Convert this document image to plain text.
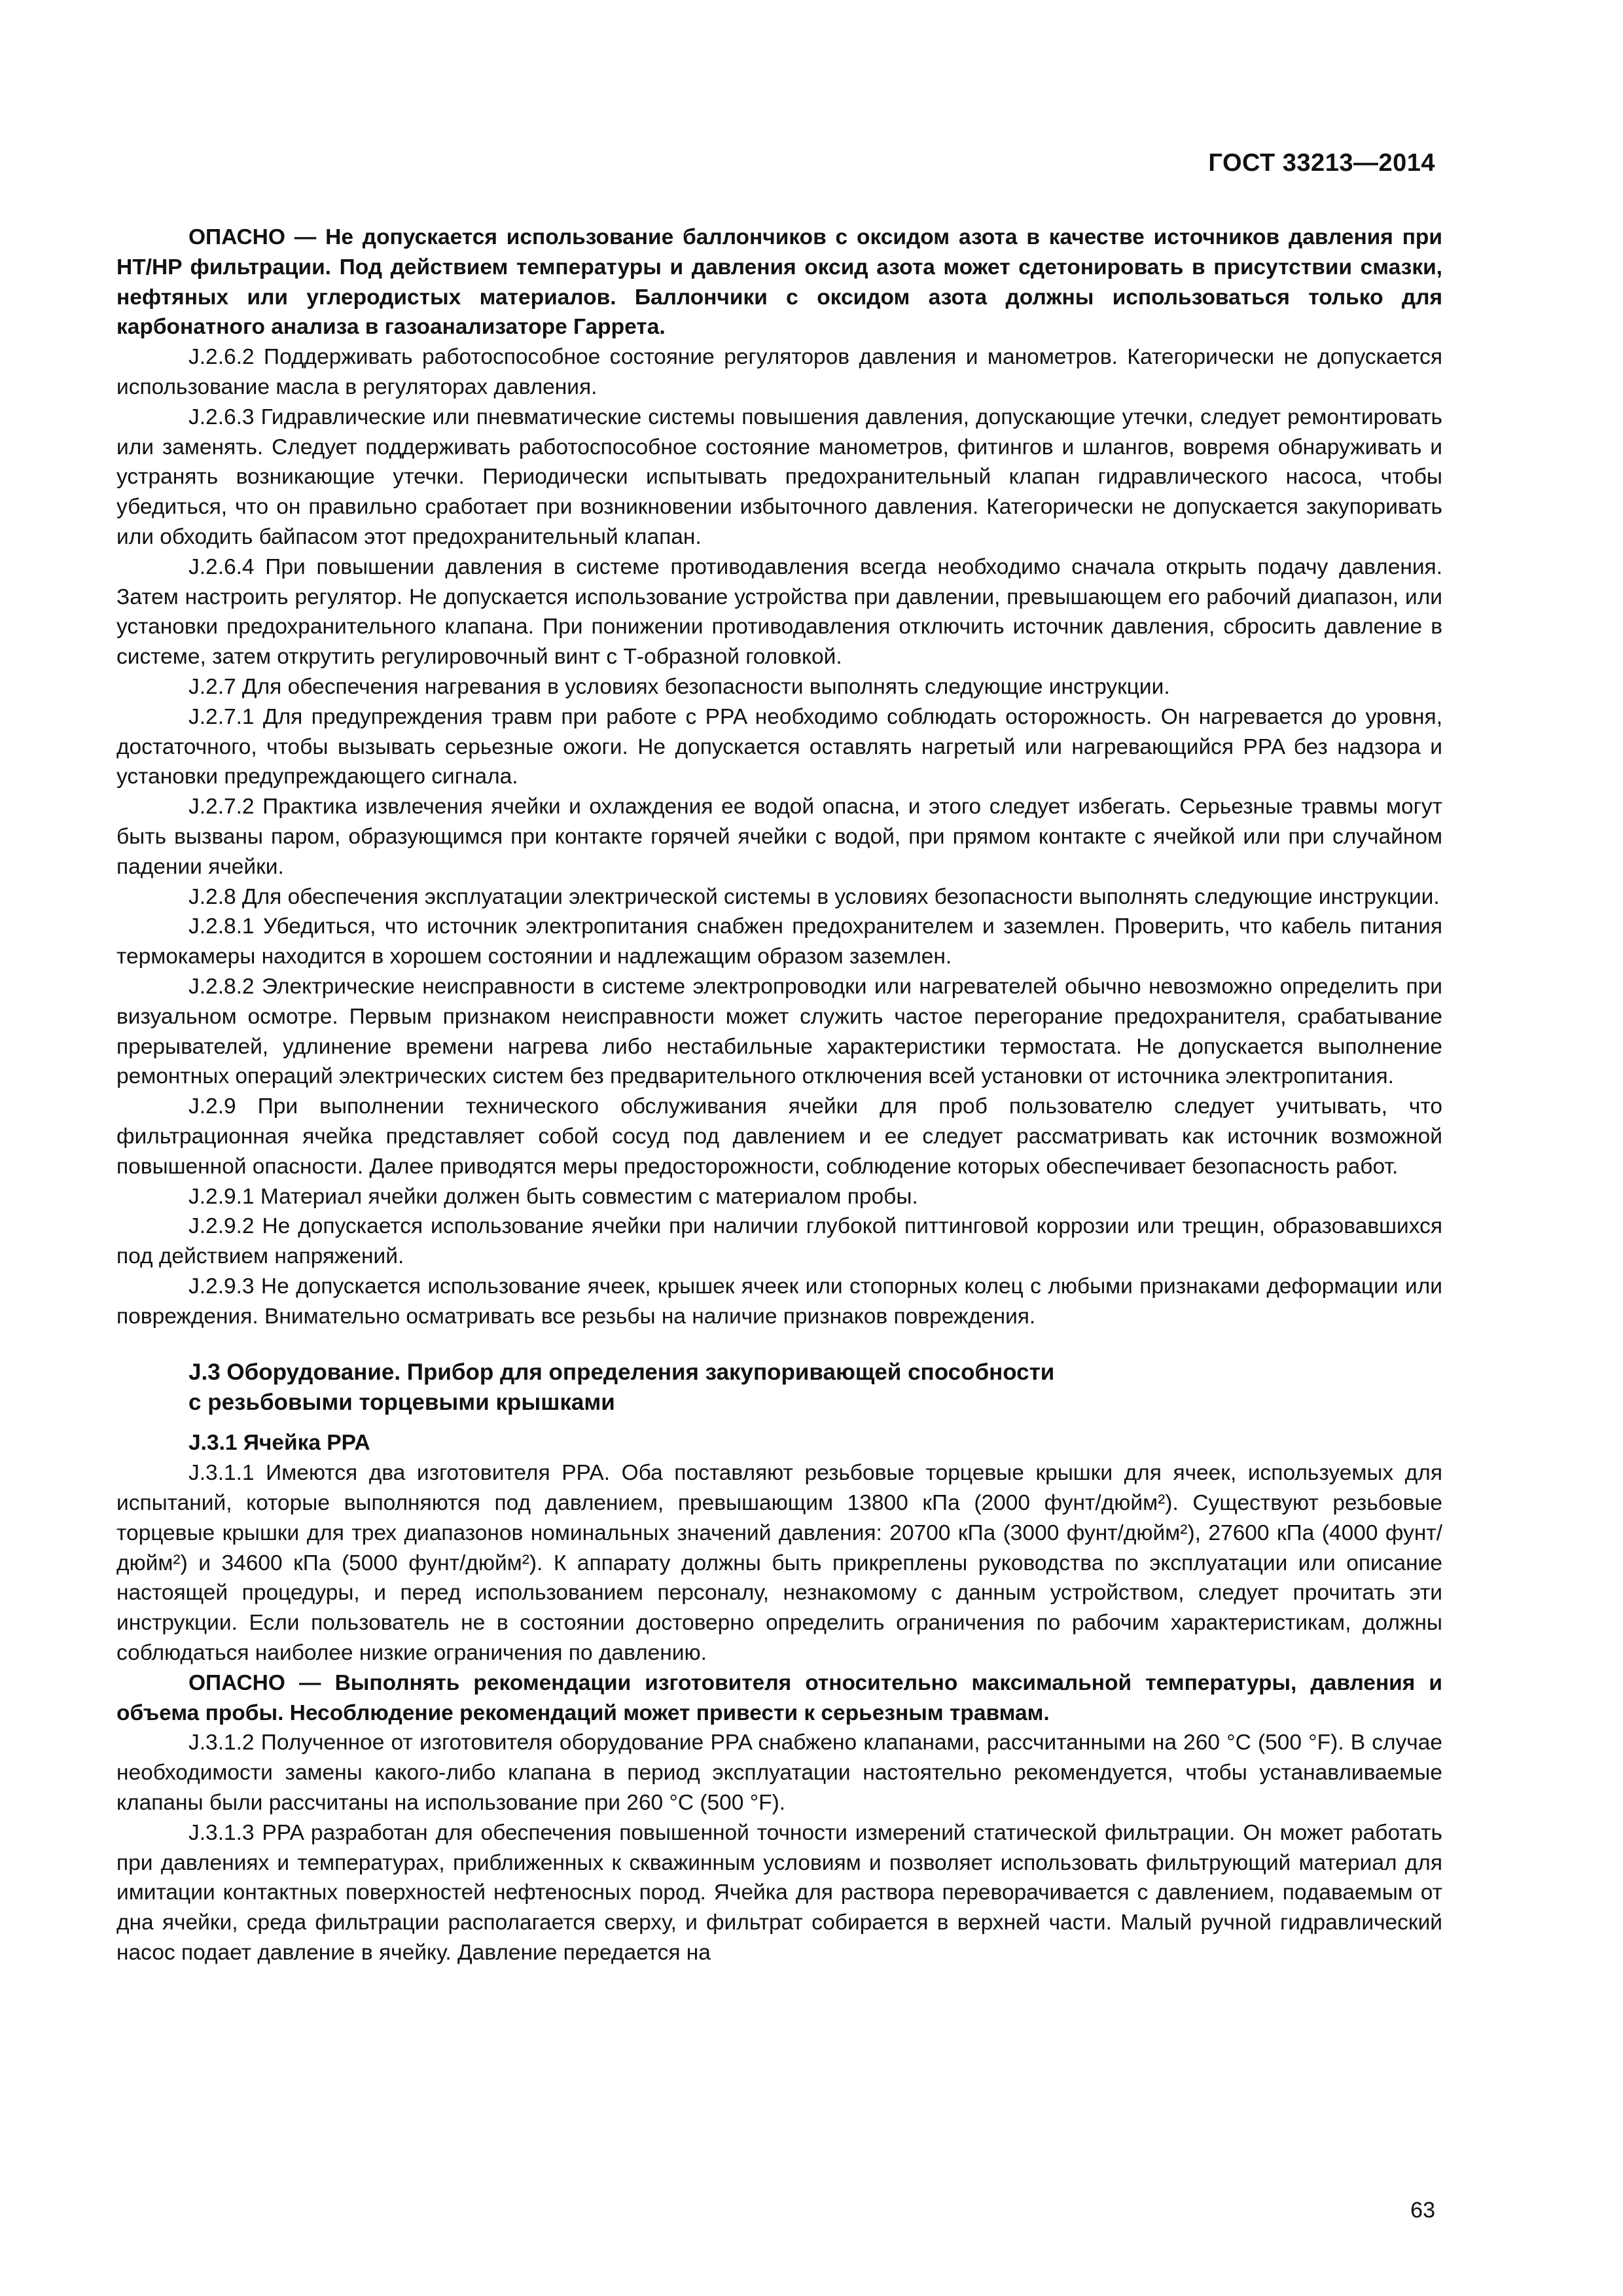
ГОСТ 33213—2014

ОПАСНО — Не допускается использование баллончиков с оксидом азота в качестве источников давления при HT/HP фильтрации. Под действием температуры и давления оксид азота может сдетонировать в присутствии смазки, нефтяных или углеродистых материалов. Баллончики с оксидом азота должны использоваться только для карбонатного анализа в газоанализаторе Гаррета.

J.2.6.2 Поддерживать работоспособное состояние регуляторов давления и манометров. Категорически не допускается использование масла в регуляторах давления.

J.2.6.3 Гидравлические или пневматические системы повышения давления, допускающие утечки, следует ремонтировать или заменять. Следует поддерживать работоспособное состояние манометров, фитингов и шлангов, вовремя обнаруживать и устранять возникающие утечки. Периодически испытывать предохранительный клапан гидравлического насоса, чтобы убедиться, что он правильно сработает при возникновении избыточного давления. Категорически не допускается закупоривать или обходить байпасом этот предохранительный клапан.

J.2.6.4 При повышении давления в системе противодавления всегда необходимо сначала открыть подачу давления. Затем настроить регулятор. Не допускается использование устройства при давлении, превышающем его рабочий диапазон, или установки предохранительного клапана. При понижении противодавления отключить источник давления, сбросить давление в системе, затем открутить регулировочный винт с Т-образной головкой.

J.2.7 Для обеспечения нагревания в условиях безопасности выполнять следующие инструкции.

J.2.7.1 Для предупреждения травм при работе с PPA необходимо соблюдать осторожность. Он нагревается до уровня, достаточного, чтобы вызывать серьезные ожоги. Не допускается оставлять нагретый или нагревающийся PPA без надзора и установки предупреждающего сигнала.

J.2.7.2 Практика извлечения ячейки и охлаждения ее водой опасна, и этого следует избегать. Серьезные травмы могут быть вызваны паром, образующимся при контакте горячей ячейки с водой, при прямом контакте с ячейкой или при случайном падении ячейки.

J.2.8 Для обеспечения эксплуатации электрической системы в условиях безопасности выполнять следующие инструкции.

J.2.8.1 Убедиться, что источник электропитания снабжен предохранителем и заземлен. Проверить, что кабель питания термокамеры находится в хорошем состоянии и надлежащим образом заземлен.

J.2.8.2 Электрические неисправности в системе электропроводки или нагревателей обычно невозможно определить при визуальном осмотре. Первым признаком неисправности может служить частое перегорание предохранителя, срабатывание прерывателей, удлинение времени нагрева либо нестабильные характеристики термостата. Не допускается выполнение ремонтных операций электрических систем без предварительного отключения всей установки от источника электропитания.

J.2.9 При выполнении технического обслуживания ячейки для проб пользователю следует учитывать, что фильтрационная ячейка представляет собой сосуд под давлением и ее следует рассматривать как источник возможной повышенной опасности. Далее приводятся меры предосторожности, соблюдение которых обеспечивает безопасность работ.

J.2.9.1 Материал ячейки должен быть совместим с материалом пробы.

J.2.9.2 Не допускается использование ячейки при наличии глубокой питтинговой коррозии или трещин, образовавшихся под действием напряжений.

J.2.9.3 Не допускается использование ячеек, крышек ячеек или стопорных колец с любыми признаками деформации или повреждения. Внимательно осматривать все резьбы на наличие признаков повреждения.

J.3 Оборудование. Прибор для определения закупоривающей способности
с резьбовыми торцевыми крышками
J.3.1 Ячейка PPA

J.3.1.1 Имеются два изготовителя PPA. Оба поставляют резьбовые торцевые крышки для ячеек, используемых для испытаний, которые выполняются под давлением, превышающим 13800 кПа (2000 фунт/дюйм²). Существуют резьбовые торцевые крышки для трех диапазонов номинальных значений давления: 20700 кПа (3000 фунт/дюйм²), 27600 кПа (4000 фунт/дюйм²) и 34600 кПа (5000 фунт/дюйм²). К аппарату должны быть прикреплены руководства по эксплуатации или описание настоящей процедуры, и перед использованием персоналу, незнакомому с данным устройством, следует прочитать эти инструкции. Если пользователь не в состоянии достоверно определить ограничения по рабочим характеристикам, должны соблюдаться наиболее низкие ограничения по давлению.

ОПАСНО — Выполнять рекомендации изготовителя относительно максимальной температуры, давления и объема пробы. Несоблюдение рекомендаций может привести к серьезным травмам.

J.3.1.2 Полученное от изготовителя оборудование PPA снабжено клапанами, рассчитанными на 260 °С (500 °F). В случае необходимости замены какого-либо клапана в период эксплуатации настоятельно рекомендуется, чтобы устанавливаемые клапаны были рассчитаны на использование при 260 °С (500 °F).

J.3.1.3 PPA разработан для обеспечения повышенной точности измерений статической фильтрации. Он может работать при давлениях и температурах, приближенных к скважинным условиям и позволяет использовать фильтрующий материал для имитации контактных поверхностей нефтеносных пород. Ячейка для раствора переворачивается с давлением, подаваемым от дна ячейки, среда фильтрации располагается сверху, и фильтрат собирается в верхней части. Малый ручной гидравлический насос подает давление в ячейку. Давление передается на

63
